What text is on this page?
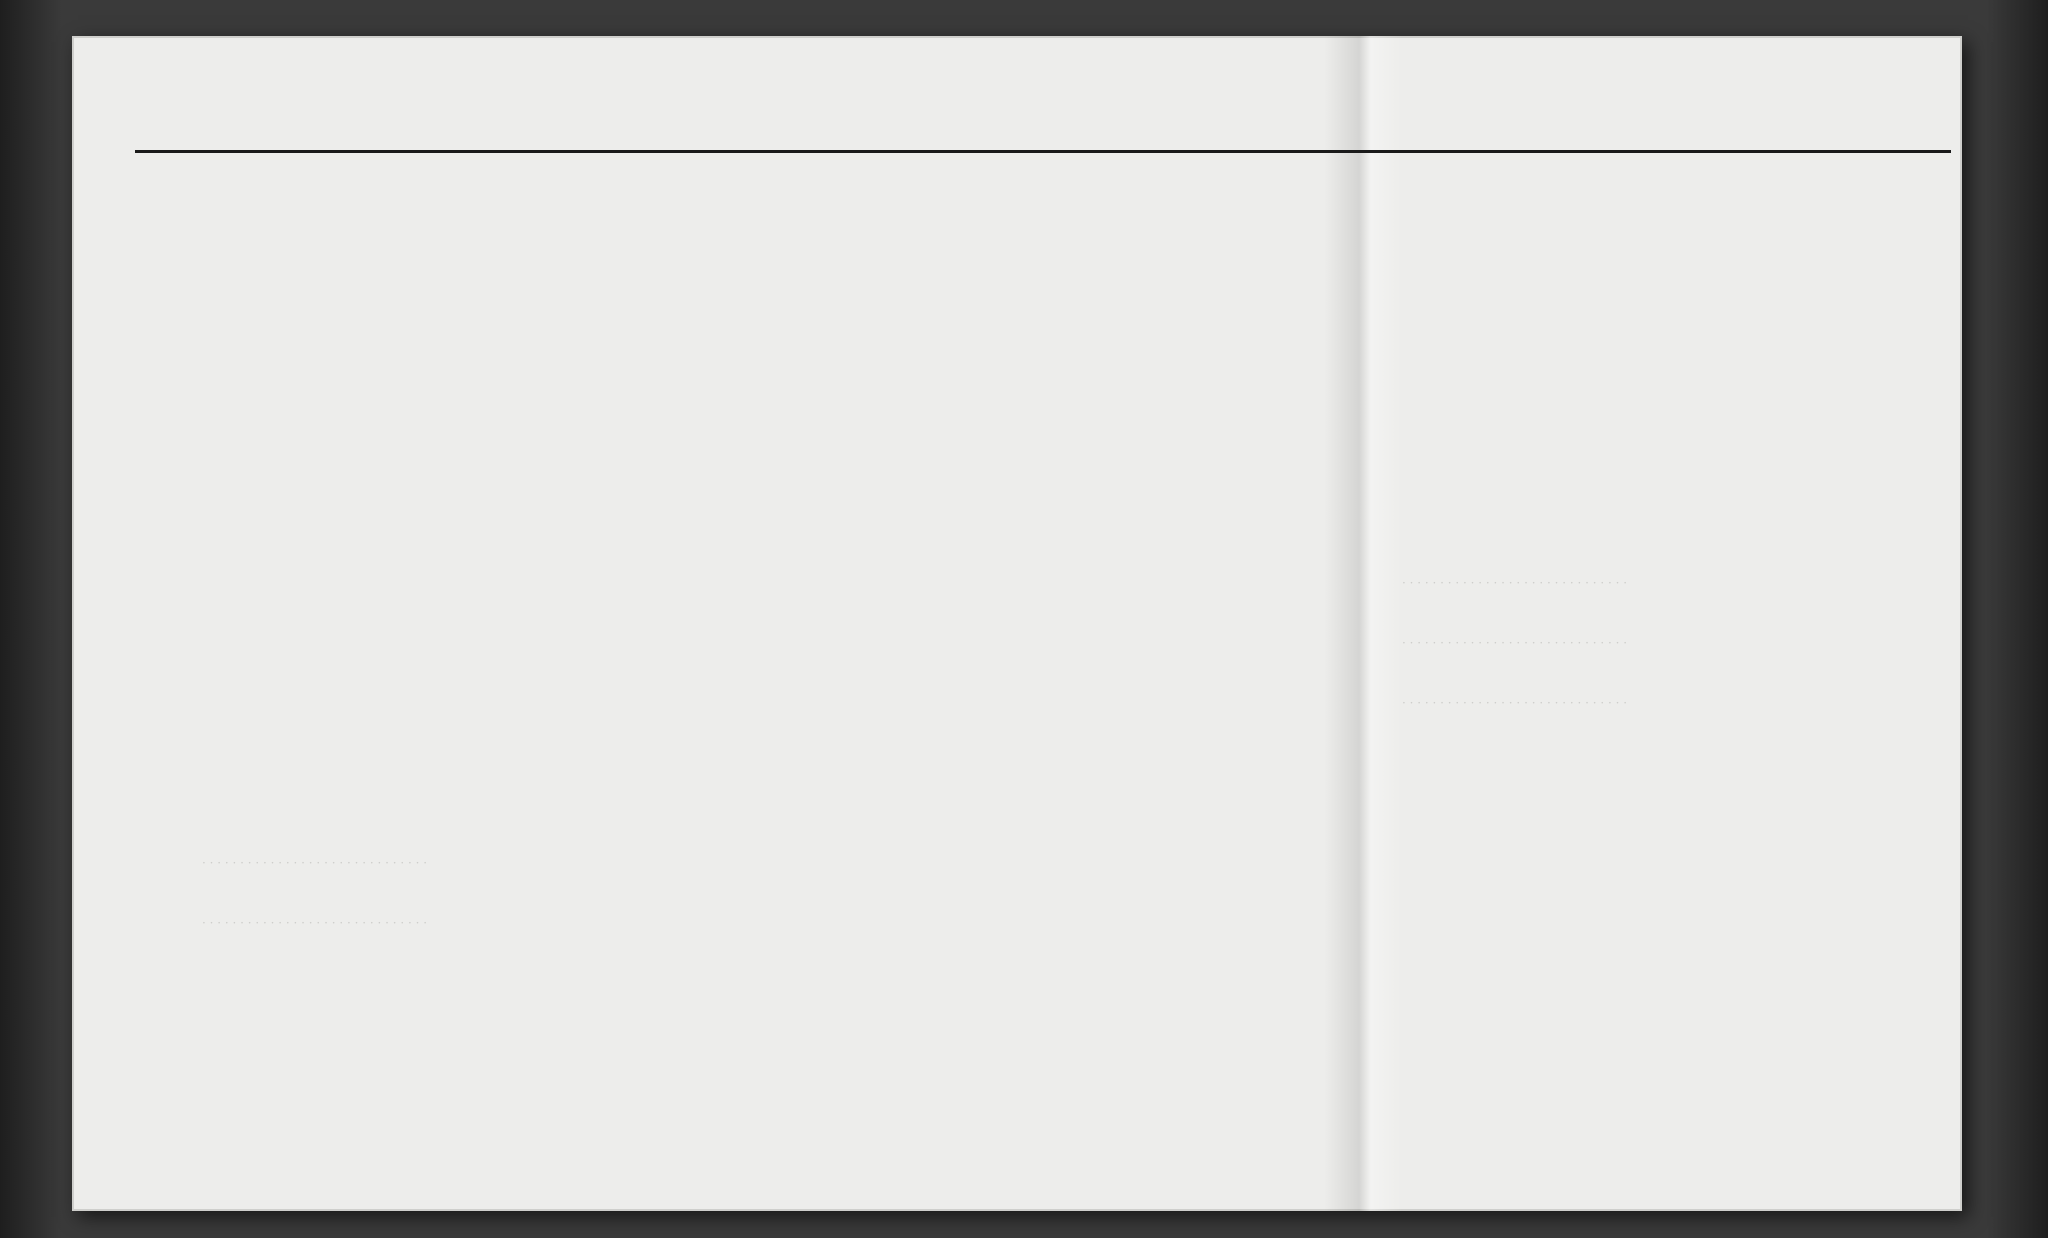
· · · · · · · · · · · · · · · · · · · · · · · · · · · · · ·
· · · · · · · · · · · · · · · · · · · · · · · · · · · · · ·
· · · · · · · · · · · · · · · · · · · · · · · · · · · · · ·
· · · · · · · · · · · · · · · · · · · · · · · · · · · · · ·
· · · · · · · · · · · · · · · · · · · · · · · · · · · · · ·
